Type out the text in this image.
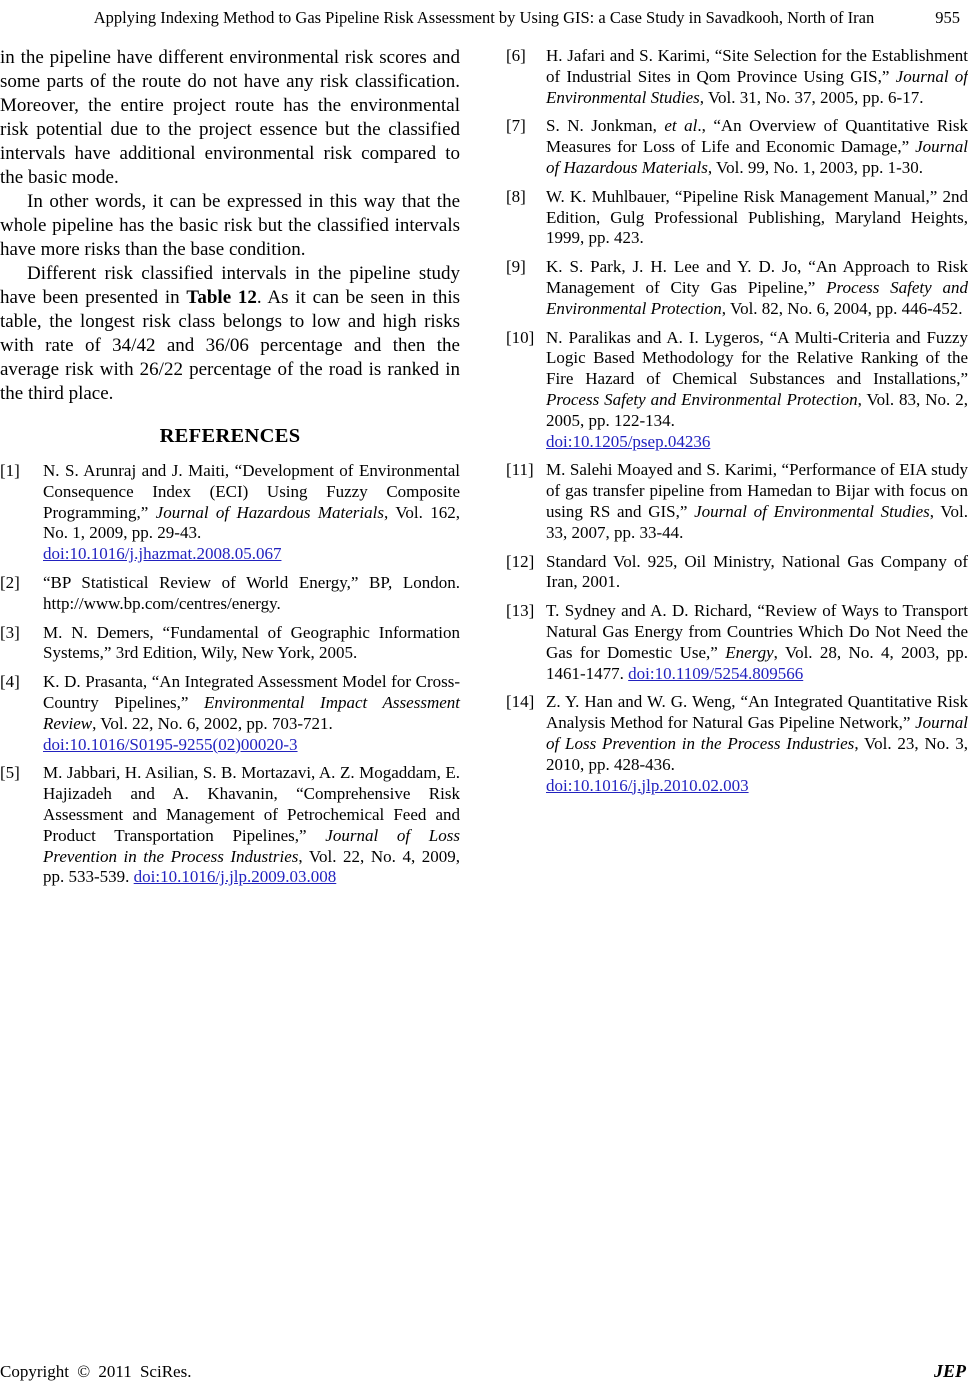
Applying Indexing Method to Gas Pipeline Risk Assessment by Using GIS: a Case Study in Savadkooh, North of Iran	955

in the pipeline have different environmental risk scores and some parts of the route do not have any risk classification. Moreover, the entire project route has the environmental risk potential due to the project essence but the classified intervals have additional environmental risk compared to the basic mode.

In other words, it can be expressed in this way that the whole pipeline has the basic risk but the classified intervals have more risks than the base condition.

Different risk classified intervals in the pipeline study have been presented in Table 12. As it can be seen in this table, the longest risk class belongs to low and high risks with rate of 34/42 and 36/06 percentage and then the average risk with 26/22 percentage of the road is ranked in the third place.

REFERENCES
[1]	N. S. Arunraj and J. Maiti, “Development of Environmental Consequence Index (ECI) Using Fuzzy Composite Programming,” Journal of Hazardous Materials, Vol. 162, No. 1, 2009, pp. 29-43.
doi:10.1016/j.jhazmat.2008.05.067
[2]	“BP Statistical Review of World Energy,” BP, London. http://www.bp.com/centres/energy.
[3]	M. N. Demers, “Fundamental of Geographic Information Systems,” 3rd Edition, Wily, New York, 2005.
[4]	K. D. Prasanta, “An Integrated Assessment Model for Cross-Country Pipelines,” Environmental Impact Assessment Review, Vol. 22, No. 6, 2002, pp. 703-721.
doi:10.1016/S0195-9255(02)00020-3
[5]	M. Jabbari, H. Asilian, S. B. Mortazavi, A. Z. Mogaddam, E. Hajizadeh and A. Khavanin, “Comprehensive Risk Assessment and Management of Petrochemical Feed and Product Transportation Pipelines,” Journal of Loss Prevention in the Process Industries, Vol. 22, No. 4, 2009, pp. 533-539. doi:10.1016/j.jlp.2009.03.008
[6]	H. Jafari and S. Karimi, “Site Selection for the Establishment of Industrial Sites in Qom Province Using GIS,” Journal of Environmental Studies, Vol. 31, No. 37, 2005, pp. 6-17.
[7]	S. N. Jonkman, et al., “An Overview of Quantitative Risk Measures for Loss of Life and Economic Damage,” Journal of Hazardous Materials, Vol. 99, No. 1, 2003, pp. 1-30.
[8]	W. K. Muhlbauer, “Pipeline Risk Management Manual,” 2nd Edition, Gulg Professional Publishing, Maryland Heights, 1999, pp. 423.
[9]	K. S. Park, J. H. Lee and Y. D. Jo, “An Approach to Risk Management of City Gas Pipeline,” Process Safety and Environmental Protection, Vol. 82, No. 6, 2004, pp. 446-452.
[10] N. Paralikas and A. I. Lygeros, “A Multi-Criteria and Fuzzy Logic Based Methodology for the Relative Ranking of the Fire Hazard of Chemical Substances and Installations,” Process Safety and Environmental Protection, Vol. 83, No. 2, 2005, pp. 122-134.
doi:10.1205/psep.04236
[11] M. Salehi Moayed and S. Karimi, “Performance of EIA study of gas transfer pipeline from Hamedan to Bijar with focus on using RS and GIS,” Journal of Environmental Studies, Vol. 33, 2007, pp. 33-44.
[12] Standard Vol. 925, Oil Ministry, National Gas Company of Iran, 2001.
[13] T. Sydney and A. D. Richard, “Review of Ways to Transport Natural Gas Energy from Countries Which Do Not Need the Gas for Domestic Use,” Energy, Vol. 28, No. 4, 2003, pp. 1461-1477. doi:10.1109/5254.809566
[14] Z. Y. Han and W. G. Weng, “An Integrated Quantitative Risk Analysis Method for Natural Gas Pipeline Network,” Journal of Loss Prevention in the Process Industries, Vol. 23, No. 3, 2010, pp. 428-436.
doi:10.1016/j.jlp.2010.02.003
Copyright © 2011 SciRes.	JEP
